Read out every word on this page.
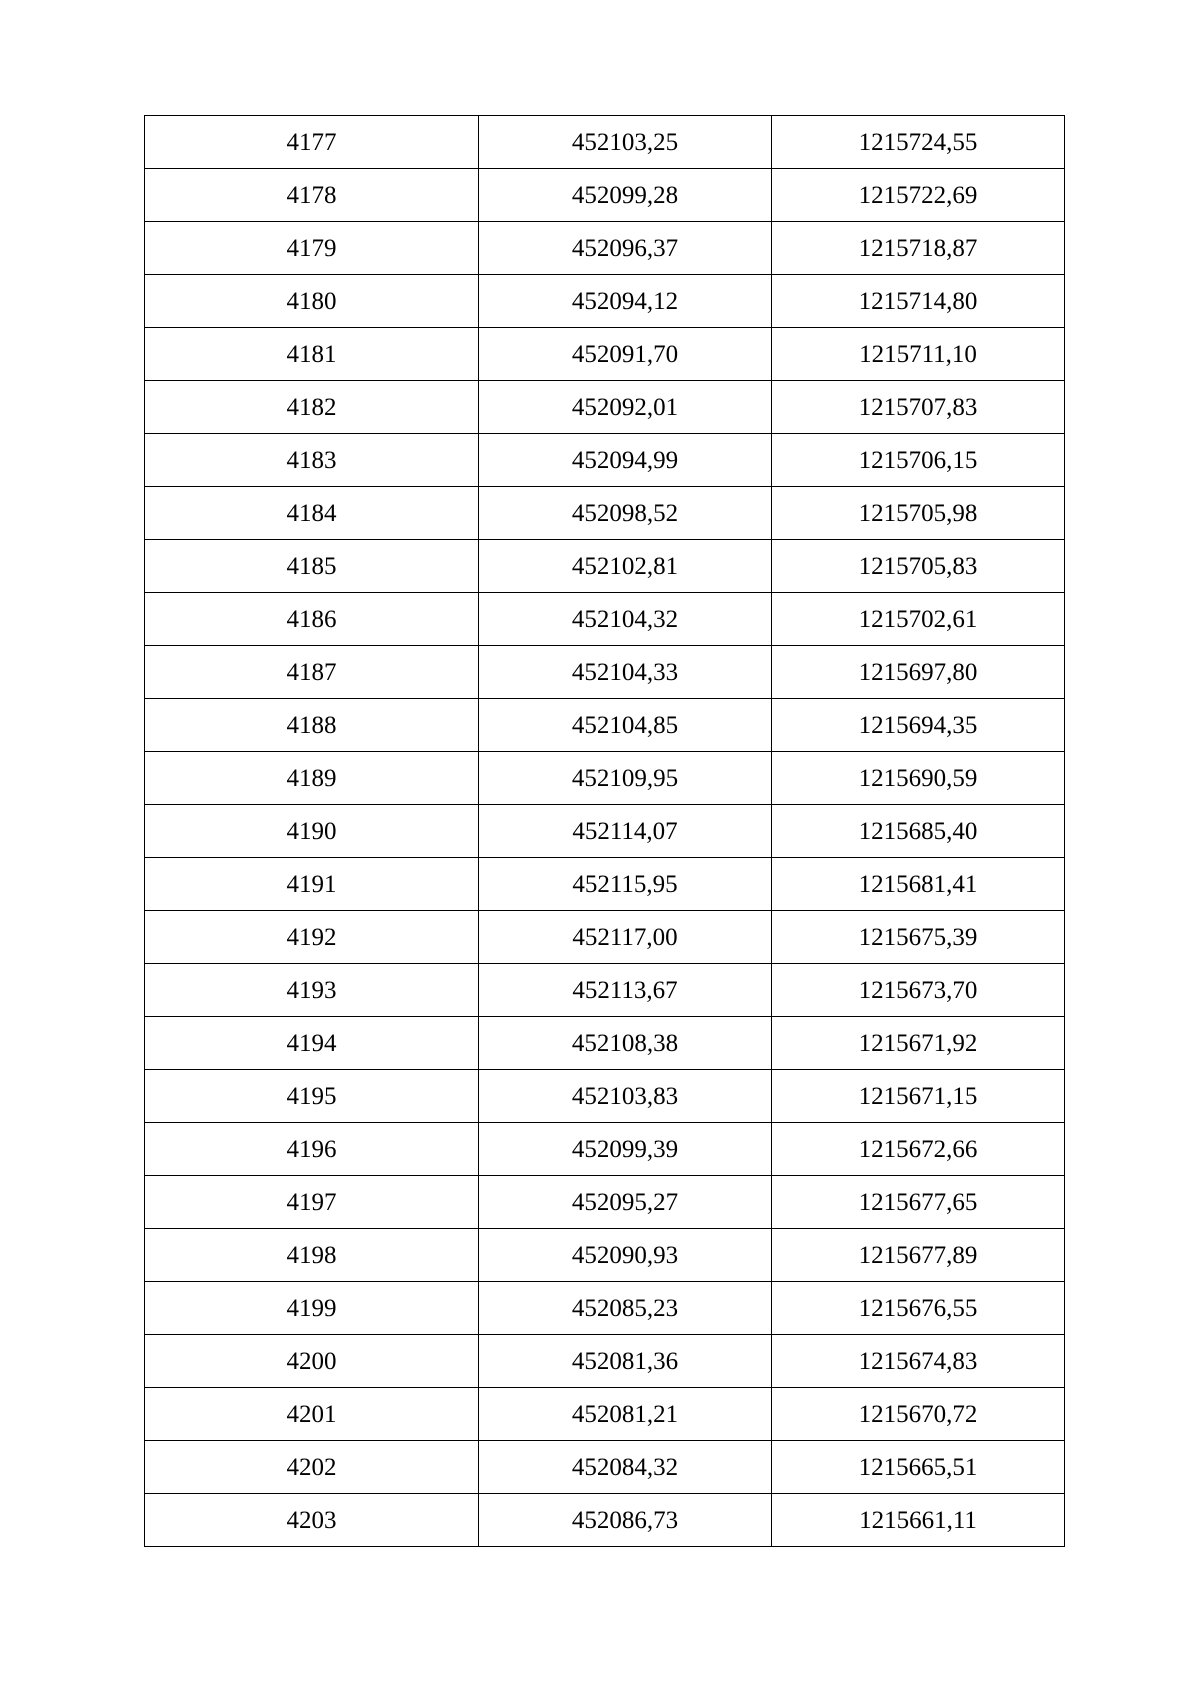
4177	452103,25	1215724,55
4178	452099,28	1215722,69
4179	452096,37	1215718,87
4180	452094,12	1215714,80
4181	452091,70	1215711,10
4182	452092,01	1215707,83
4183	452094,99	1215706,15
4184	452098,52	1215705,98
4185	452102,81	1215705,83
4186	452104,32	1215702,61
4187	452104,33	1215697,80
4188	452104,85	1215694,35
4189	452109,95	1215690,59
4190	452114,07	1215685,40
4191	452115,95	1215681,41
4192	452117,00	1215675,39
4193	452113,67	1215673,70
4194	452108,38	1215671,92
4195	452103,83	1215671,15
4196	452099,39	1215672,66
4197	452095,27	1215677,65
4198	452090,93	1215677,89
4199	452085,23	1215676,55
4200	452081,36	1215674,83
4201	452081,21	1215670,72
4202	452084,32	1215665,51
4203	452086,73	1215661,11
